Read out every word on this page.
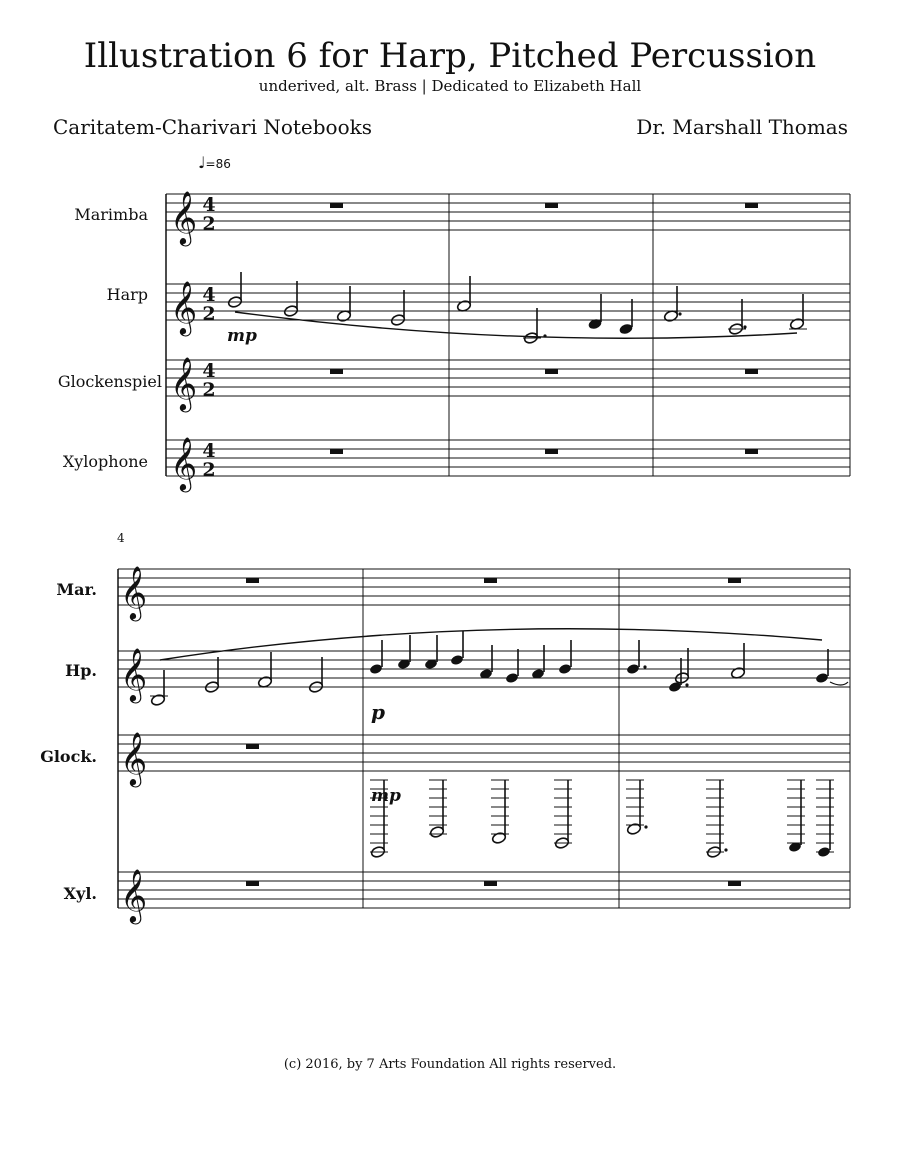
Illustration 6 for Harp, Pitched Percussion
underived, alt. Brass | Dedicated to Elizabeth Hall
Caritatem-Charivari Notebooks	Dr. Marshall Thomas
♩=86
Marimba
Harp
Glockenspiel
Xylophone
4
Mar.
Hp.
Glock.
Xyl.
(c) 2016, by 7 Arts Foundation All rights reserved.
𝄞
𝄞
𝄞
𝄞
𝄞
𝄞
𝄞
𝄞
4
2
4
2
4
2
4
2
mp
p
mp
